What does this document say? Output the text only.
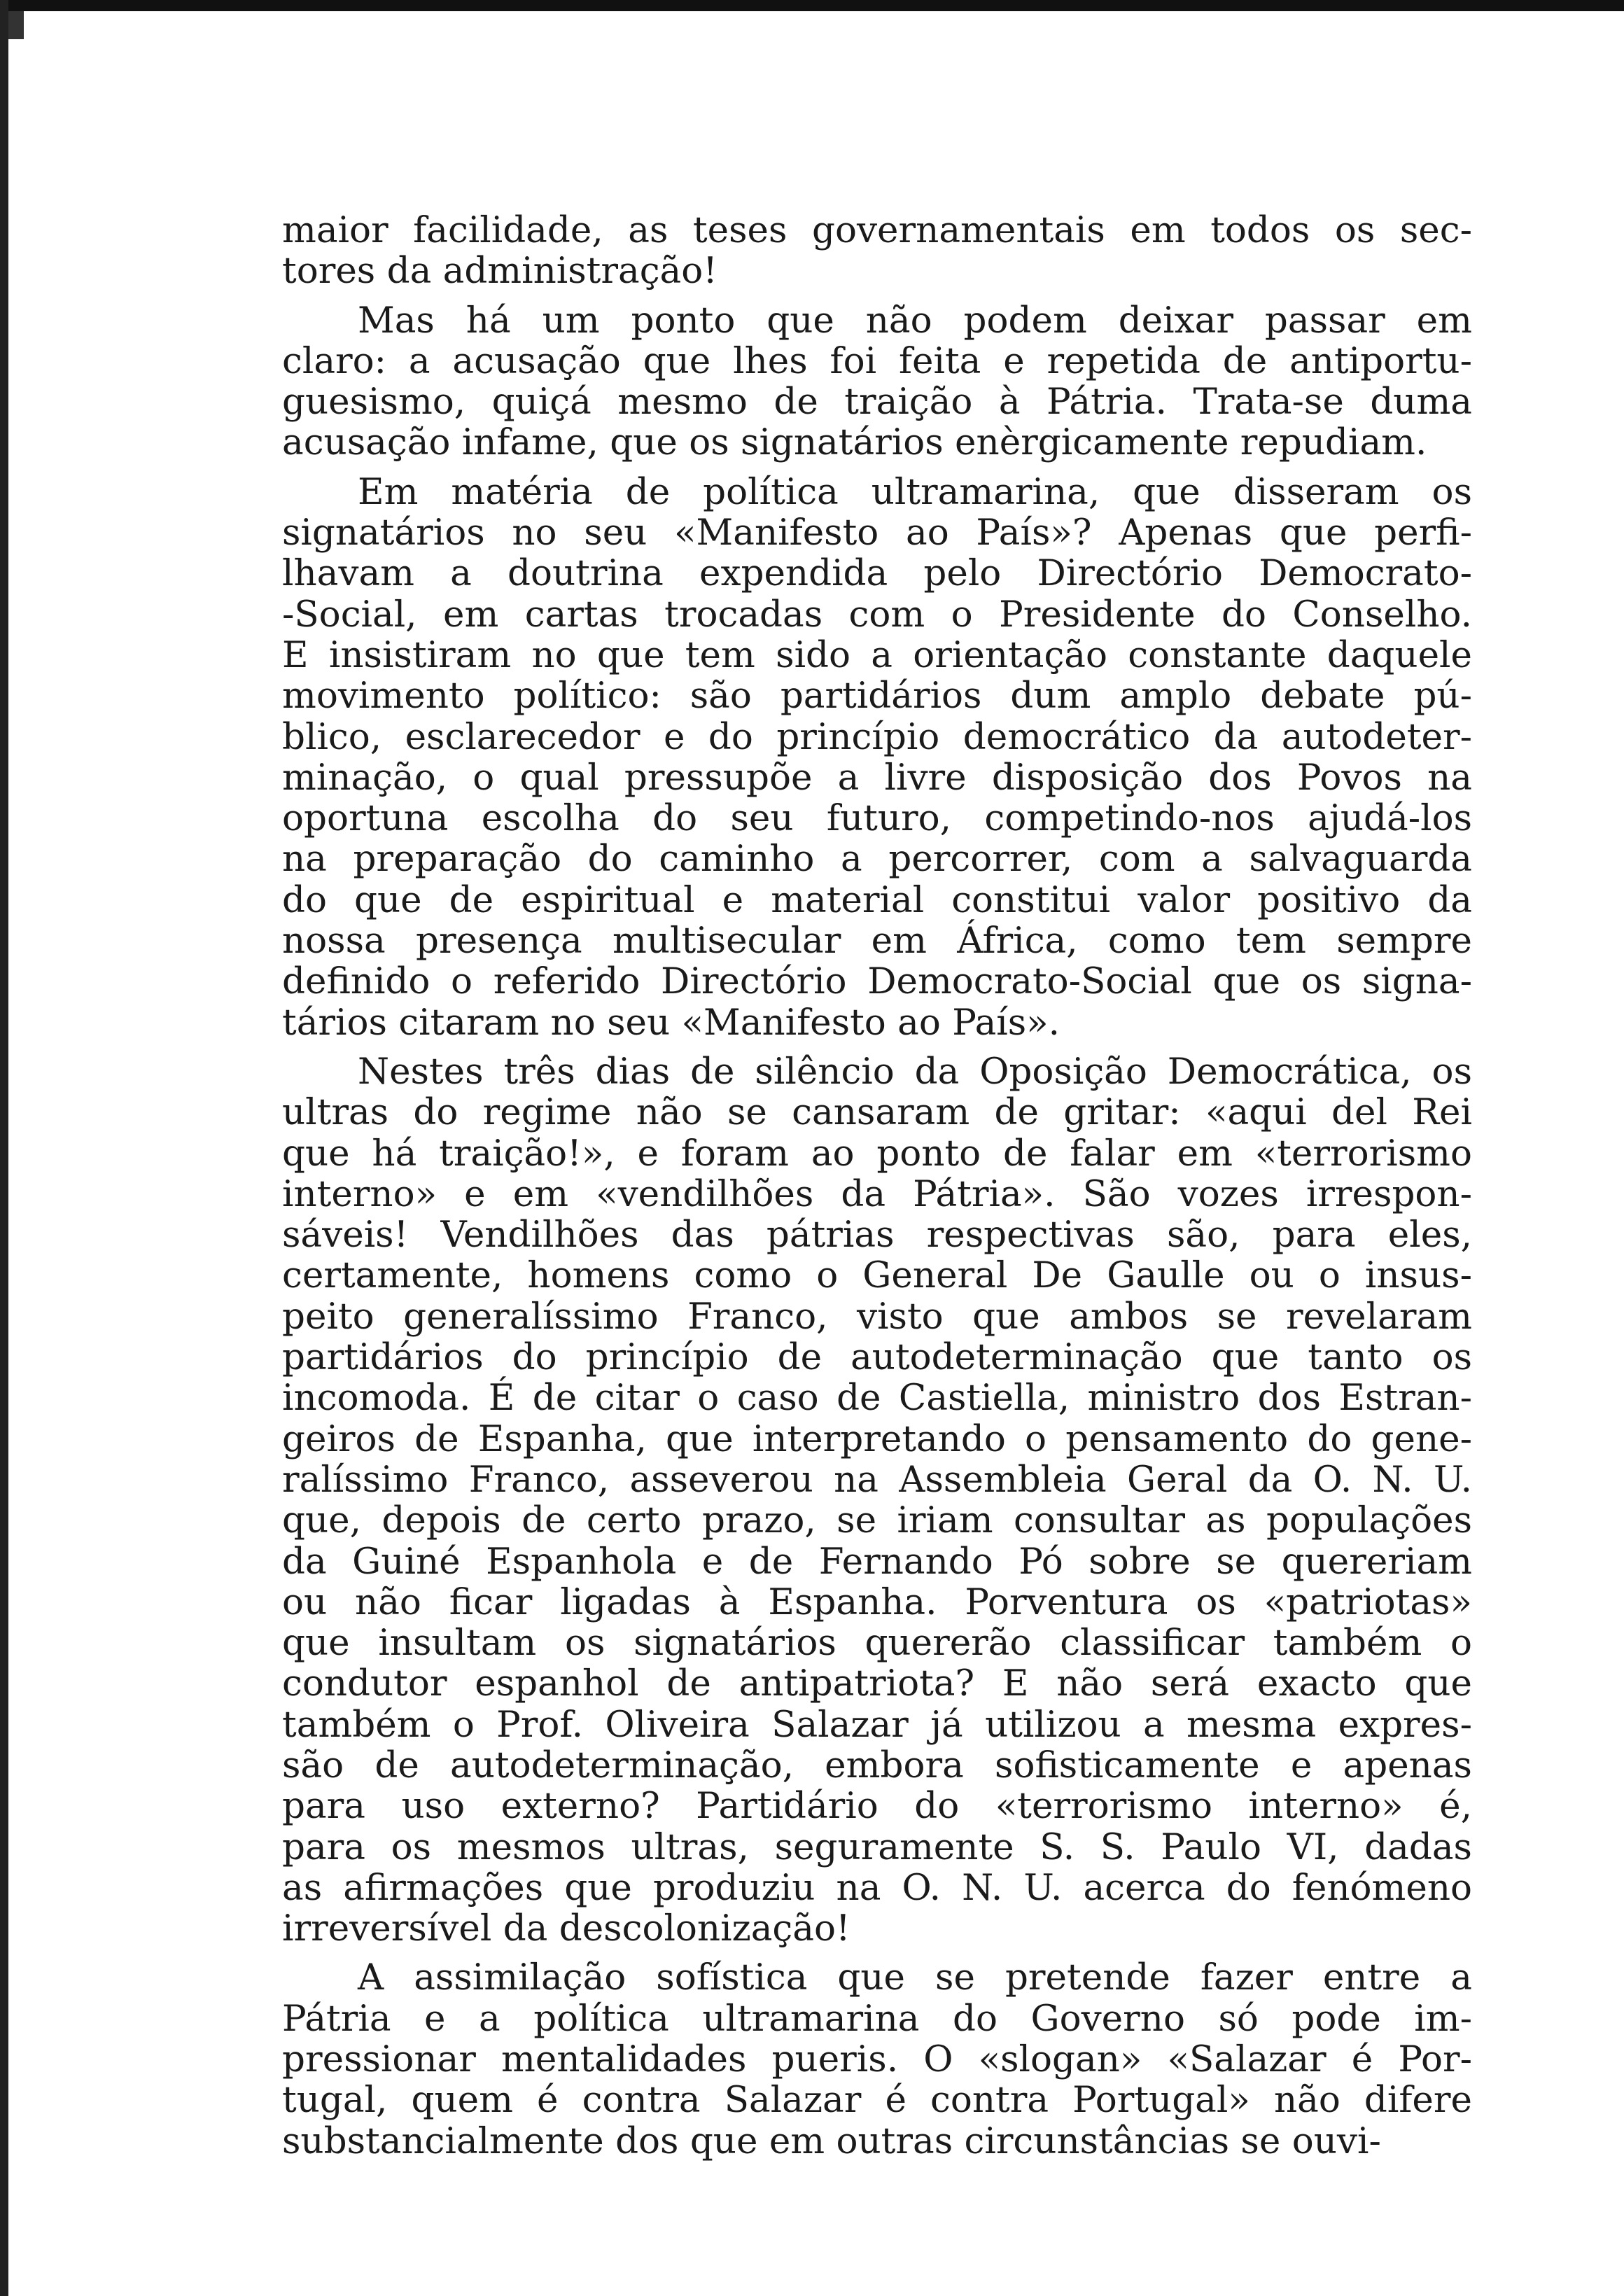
maior facilidade, as teses governamentais em todos os sec-
tores da administração!
Mas há um ponto que não podem deixar passar em
claro: a acusação que lhes foi feita e repetida de antiportu-
guesismo, quiçá mesmo de traição à Pátria. Trata-se duma
acusação infame, que os signatários enèrgicamente repudiam.
Em matéria de política ultramarina, que disseram os
signatários no seu «Manifesto ao País»? Apenas que perfi-
lhavam a doutrina expendida pelo Directório Democrato-
-Social, em cartas trocadas com o Presidente do Conselho.
E insistiram no que tem sido a orientação constante daquele
movimento político: são partidários dum amplo debate pú-
blico, esclarecedor e do princípio democrático da autodeter-
minação, o qual pressupõe a livre disposição dos Povos na
oportuna escolha do seu futuro, competindo-nos ajudá-los
na preparação do caminho a percorrer, com a salvaguarda
do que de espiritual e material constitui valor positivo da
nossa presença multisecular em África, como tem sempre
definido o referido Directório Democrato-Social que os signa-
tários citaram no seu «Manifesto ao País».
Nestes três dias de silêncio da Oposição Democrática, os
ultras do regime não se cansaram de gritar: «aqui del Rei
que há traição!», e foram ao ponto de falar em «terrorismo
interno» e em «vendilhões da Pátria». São vozes irrespon-
sáveis! Vendilhões das pátrias respectivas são, para eles,
certamente, homens como o General De Gaulle ou o insus-
peito generalíssimo Franco, visto que ambos se revelaram
partidários do princípio de autodeterminação que tanto os
incomoda. É de citar o caso de Castiella, ministro dos Estran-
geiros de Espanha, que interpretando o pensamento do gene-
ralíssimo Franco, asseverou na Assembleia Geral da O. N. U.
que, depois de certo prazo, se iriam consultar as populações
da Guiné Espanhola e de Fernando Pó sobre se quereriam
ou não ficar ligadas à Espanha. Porventura os «patriotas»
que insultam os signatários quererão classificar também o
condutor espanhol de antipatriota? E não será exacto que
também o Prof. Oliveira Salazar já utilizou a mesma expres-
são de autodeterminação, embora sofisticamente e apenas
para uso externo? Partidário do «terrorismo interno» é,
para os mesmos ultras, seguramente S. S. Paulo VI, dadas
as afirmações que produziu na O. N. U. acerca do fenómeno
irreversível da descolonização!
A assimilação sofística que se pretende fazer entre a
Pátria e a política ultramarina do Governo só pode im-
pressionar mentalidades pueris. O «slogan» «Salazar é Por-
tugal, quem é contra Salazar é contra Portugal» não difere
substancialmente dos que em outras circunstâncias se ouvi-
